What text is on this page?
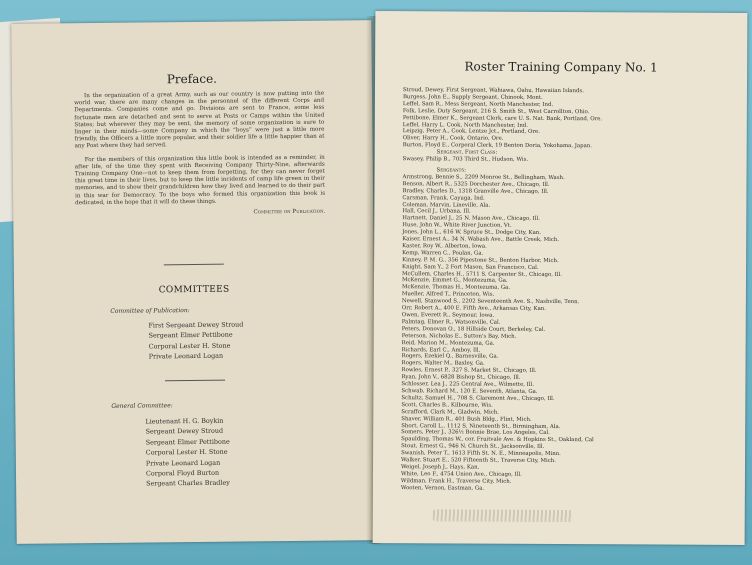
Preface.

In the organization of a great Army, such as our country is now putting into the world war, there are many changes in the personnel of the different Corps and Departments. Companies come and go. Divisions are sent to France, some less fortunate men are detached and sent to serve at Posts or Camps within the United States; but wherever they may be sent, the memory of some organization is sure to linger in their minds—some Company in which the “boys” were just a little more friendly, the Officers a little more popular, and their soldier life a little happier than at any Post where they had served.

For the members of this organization this little book is intended as a reminder, in after life, of the time they spent with Receiving Company Thirty-Nine, afterwards Training Company One—not to keep them from forgetting, for they can never forget this great time in their lives, but to keep the little incidents of camp life green in their memories, and to show their grandchildren how they lived and learned to do their part in this war for Democracy. To the boys who formed this organization this book is dedicated, in the hope that it will do these things.

Committee on Publication.
COMMITTEES
Committee of Publication:
First Sergeant Dewey Stroud
Sergeant Elmer Pettibone
Corporal Lester H. Stone
Private Leonard Logan
General Committee:
Lieutenant H. G. Boykin
Sergeant Dewey Stroud
Sergeant Elmer Pettibone
Corporal Lester H. Stone
Private Leonard Logan
Corporal Floyd Burton
Sergeant Charles Bradley
Roster Training Company No. 1
Stroud, Dewey, First Sergeant, Wahiawa, Oahu, Hawaiian Islands.
Burgess, John E., Supply Sergeant, Chinook, Mont.
Leffel, Sam R., Mess Sergeant, North Manchester, Ind.
Folk, Leslie, Duty Sergeant, 216 S. Smith St., West Carrollton, Ohio.
Pettibone, Elmer K., Sergeant Clerk, care U. S. Nat. Bank, Portland, Ore.
Leffel, Harry L. Cook, North Manchester, Ind.
Leipzig, Peter A., Cook, Lentze Jct., Portland, Ore.
Oliver, Harry H., Cook, Ontario, Ore.
Burton, Floyd E., Corporal Clerk, 19 Benton Doria, Yokohama, Japan.
Sergeant, First Class:
Swasey, Philip B., 703 Third St., Hudson, Wis.
Sergeants:
Armstrong, Bennie S., 2209 Monroe St., Bellingham, Wash.
Benson, Albert R., 5325 Dorchester Ave., Chicago, Ill.
Bradley, Charles D., 1318 Granville Ave., Chicago, Ill.
Carsman, Frank, Cayuga, Ind.
Coleman, Marvin, Lineville, Ala.
Hall, Cecil J., Urbana, Ill.
Hartnett, Daniel J., 25 N. Mason Ave., Chicago, Ill.
Huse, John W., White River Junction, Vt.
Jones, John L., 616 W. Spruce St., Dodge City, Kan.
Kaiser, Ernest A., 34 N. Wabash Ave., Battle Creek, Mich.
Kaster, Roy W., Alberton, Iowa.
Kemp, Warren C., Poulan, Ga.
Kinney, P. M. G., 356 Pipestone St., Benton Harbor, Mich.
Knight, Sam Y., 2 Fort Mason, San Francisco, Cal.
McCullem, Charles H., 5711 S. Carpenter St., Chicago, Ill.
McKenzie, Emmet G., Montezuma, Ga.
McKenzie, Thomas H., Montezuma, Ga.
Mueller, Alfred T., Princeton, Wis.
Newell, Stanwood S., 2202 Seventeenth Ave. S., Nashville, Tenn.
Orr, Robert A., 400 E. Fifth Ave., Arkansas City, Kan.
Owen, Everett R., Seymour, Iowa.
Palmtag, Elmer R., Watsonville, Cal.
Peters, Donovan O., 18 Hillside Court, Berkeley, Cal.
Peterson, Nicholas E., Sutton's Bay, Mich.
Reid, Marion M., Montezuma, Ga.
Richards, Earl C., Amboy, Ill.
Rogers, Ezekiel Q., Barnesville, Ga.
Rogers, Walter M., Baxley, Ga.
Rowles, Ernest P., 327 S. Market St., Chicago, Ill.
Ryan, John V., 6828 Bishop St., Chicago, Ill.
Schlosser, Lea J., 225 Central Ave., Wilmette, Ill.
Schwab, Richard M., 120 E. Seventh, Atlanta, Ga.
Schultz, Samuel H., 708 S. Claremont Ave., Chicago, Ill.
Scott, Charles B., Kilbourne, Wis.
Scrafford, Clark M., Gladwin, Mich.
Shaver, William R., 401 Bush Bldg., Flint, Mich.
Short, Caroll L., 1112 S. Nineteenth St., Birmingham, Ala.
Somers, Peter J., 326½ Bonnie Brae, Los Angeles, Cal.
Spaulding, Thomas W., cor. Fruitvale Ave. & Hopkins St., Oakland, Cal
Stout, Ernest G., 946 N. Church St., Jacksonville, Ill.
Swanish, Peter T., 1613 Fifth St. N. E., Minneapolis, Minn.
Walker, Stuart E., 520 Fifteenth St., Traverse City, Mich.
Weigel, Joseph J., Hays, Kan.
White, Leo F., 4754 Union Ave., Chicago, Ill.
Wildman, Frank H., Traverse City, Mich.
Wooten, Vernon, Eastman, Ga.
